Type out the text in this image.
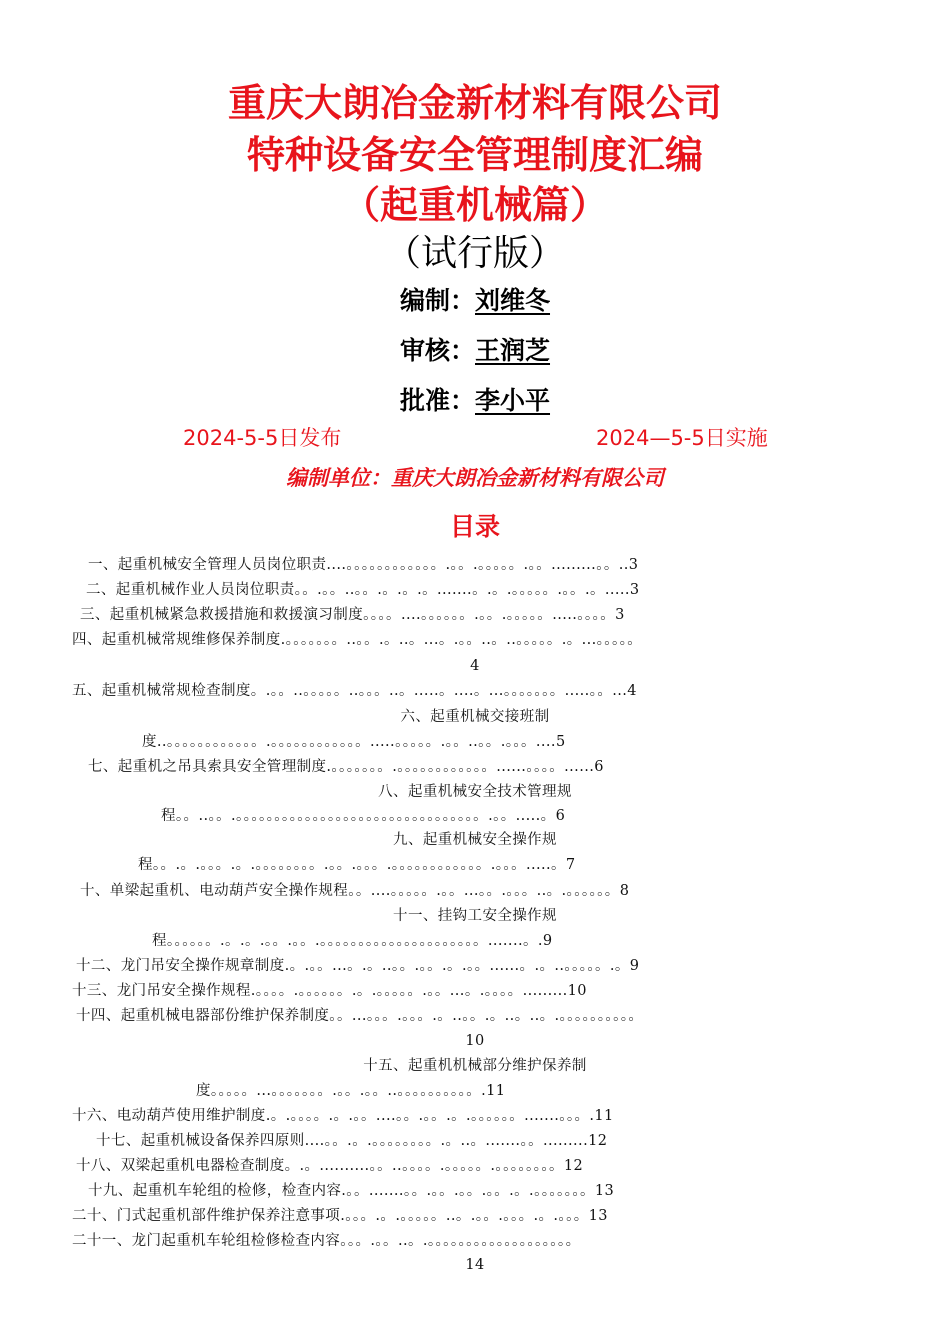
重庆大朗冶金新材料有限公司
特种设备安全管理制度汇编
（起重机械篇）
（试行版）
编制：刘维冬
审核：王润芝
批准：李小平
2024-5-5日发布	2024—5-5日实施
编制单位：重庆大朗冶金新材料有限公司
目录
一、起重机械安全管理人员岗位职责....。。。。。。。。。。。。.。。.。。。。。.。。.........。。..3
二、起重机械作业人员岗位职责。。.。。..。。.。.。.。.......。.。.。。。。。.。。.。.....3
三、起重机械紧急救援措施和救援演习制度。。。。....。。。。。。.。。.。。。。。.....。。。。3
四、起重机械常规维修保养制度.。。。。。。。..。。.。..。...。.。。..。..。。。。。.。...。。。。。
4
五、起重机械常规检查制度。.。。..。。。。。..。。。..。.....。....。...。。。。。。。.....。。...4
六、起重机械交接班制
度..。。。。。。。。。。。。.。。。。。。。。。。。。.....。。。。。.。。..。。.。。。....5
七、起重机之吊具索具安全管理制度.。。。。。。。.。。。。。。。。。。。。......。。。。......6
八、起重机械安全技术管理规
程。。..。。.。。。。。。。。。。。。。。。。。。。。。。。。。。。。。。。。.。。.....。6
九、起重机械安全操作规
程。。.。.。。。.。.。。。。。。。。.。。.。。。.。。。。。。。。。。。。.。。。.....。7
十、单梁起重机、电动葫芦安全操作规程。。....。。。。。.。。...。。.。。。..。.。。。。。。8
十一、挂钩工安全操作规
程。。。。。。.。.。.。。.。。.。。。。。。。。。。。。。。。。。。。。。.......。.9
十二、龙门吊安全操作规章制度.。.。。...。.。..。。.。。.。.。。......。.。..。。。。。.。9
十三、龙门吊安全操作规程.。。。。.。。。。。。.。.。。。。。.。。...。.。。。。.........10
十四、起重机械电器部份维护保养制度。。...。。。.。。。.。..。。.。..。..。.。。。。。。。。。。
10
十五、起重机机械部分维护保养制
度。。。。。...。。。。。。。.。。.。。..。。。。。。。。。。.11
十六、电动葫芦使用维护制度.。.。。。。.。.。。....。。.。。.。.。。。。。。.......。。。.11
十七、起重机械设备保养四原则....。。.。.。。。。。。。。.。..。.......。。.........12
十八、双梁起重机电器检查制度。.。..........。。..。。。。.。。。。。.。。。。。。。。12
十九、起重机车轮组的检修，检查内容.。。.......。。.。。.。。.。。.。.。。。。。。。13
二十、门式起重机部件维护保养注意事项.。。。.。.。。。。。..。.。。.。。。.。.。。。13
二十一、龙门起重机车轮组检修检查内容。。。.。。..。.。。。。。。。。。。。。。。。。。。。
14
